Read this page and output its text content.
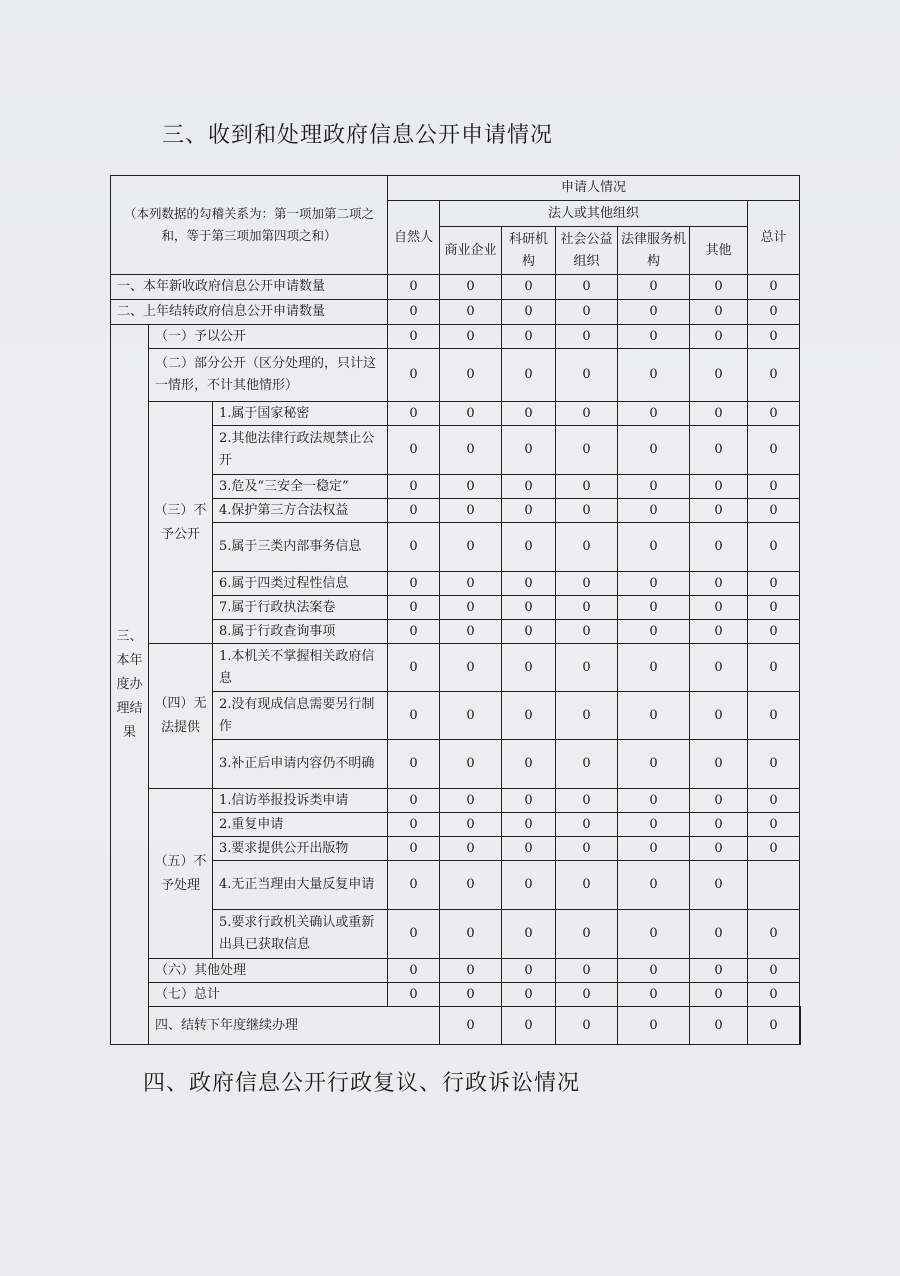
三、收到和处理政府信息公开申请情况
（本列数据的勾稽关系为：第一项加第二项之和，等于第三项加第四项之和）			申请人情况							
			自然人	法人或其他组织					总计	
				商业企业	科研机构	社会公益组织	法律服务机构	其他		
一、本年新收政府信息公开申请数量			0	0	0	0	0	0	0	
二、上年结转政府信息公开申请数量			0	0	0	0	0	0	0	
三、本年度办理结果	（一）予以公开		0	0	0	0	0	0	0	
	（二）部分公开（区分处理的，只计这一情形，不计其他情形）		0	0	0	0	0	0	0	
	（三）不予公开	1.属于国家秘密	0	0	0	0	0	0	0	
		2.其他法律行政法规禁止公开	0	0	0	0	0	0	0	
		3.危及“三安全一稳定”	0	0	0	0	0	0	0	
		4.保护第三方合法权益	0	0	0	0	0	0	0	
		5.属于三类内部事务信息	0	0	0	0	0	0	0	
		6.属于四类过程性信息	0	0	0	0	0	0	0	
		7.属于行政执法案卷	0	0	0	0	0	0	0	
		8.属于行政查询事项	0	0	0	0	0	0	0	
	（四）无法提供	1.本机关不掌握相关政府信息	0	0	0	0	0	0	0	
		2.没有现成信息需要另行制作	0	0	0	0	0	0	0	
		3.补正后申请内容仍不明确	0	0	0	0	0	0	0	
	（五）不予处理	1.信访举报投诉类申请	0	0	0	0	0	0	0	
		2.重复申请	0	0	0	0	0	0	0	
		3.要求提供公开出版物	0	0	0	0	0	0	0	
		4.无正当理由大量反复申请	0	0	0	0	0	0		
		5.要求行政机关确认或重新出具已获取信息	0	0	0	0	0	0	0	
	（六）其他处理		0	0	0	0	0	0	0	
	（七）总计		0	0	0	0	0	0	0	
	四、结转下年度继续办理			0	0	0	0	0	0	
四、政府信息公开行政复议、行政诉讼情况
